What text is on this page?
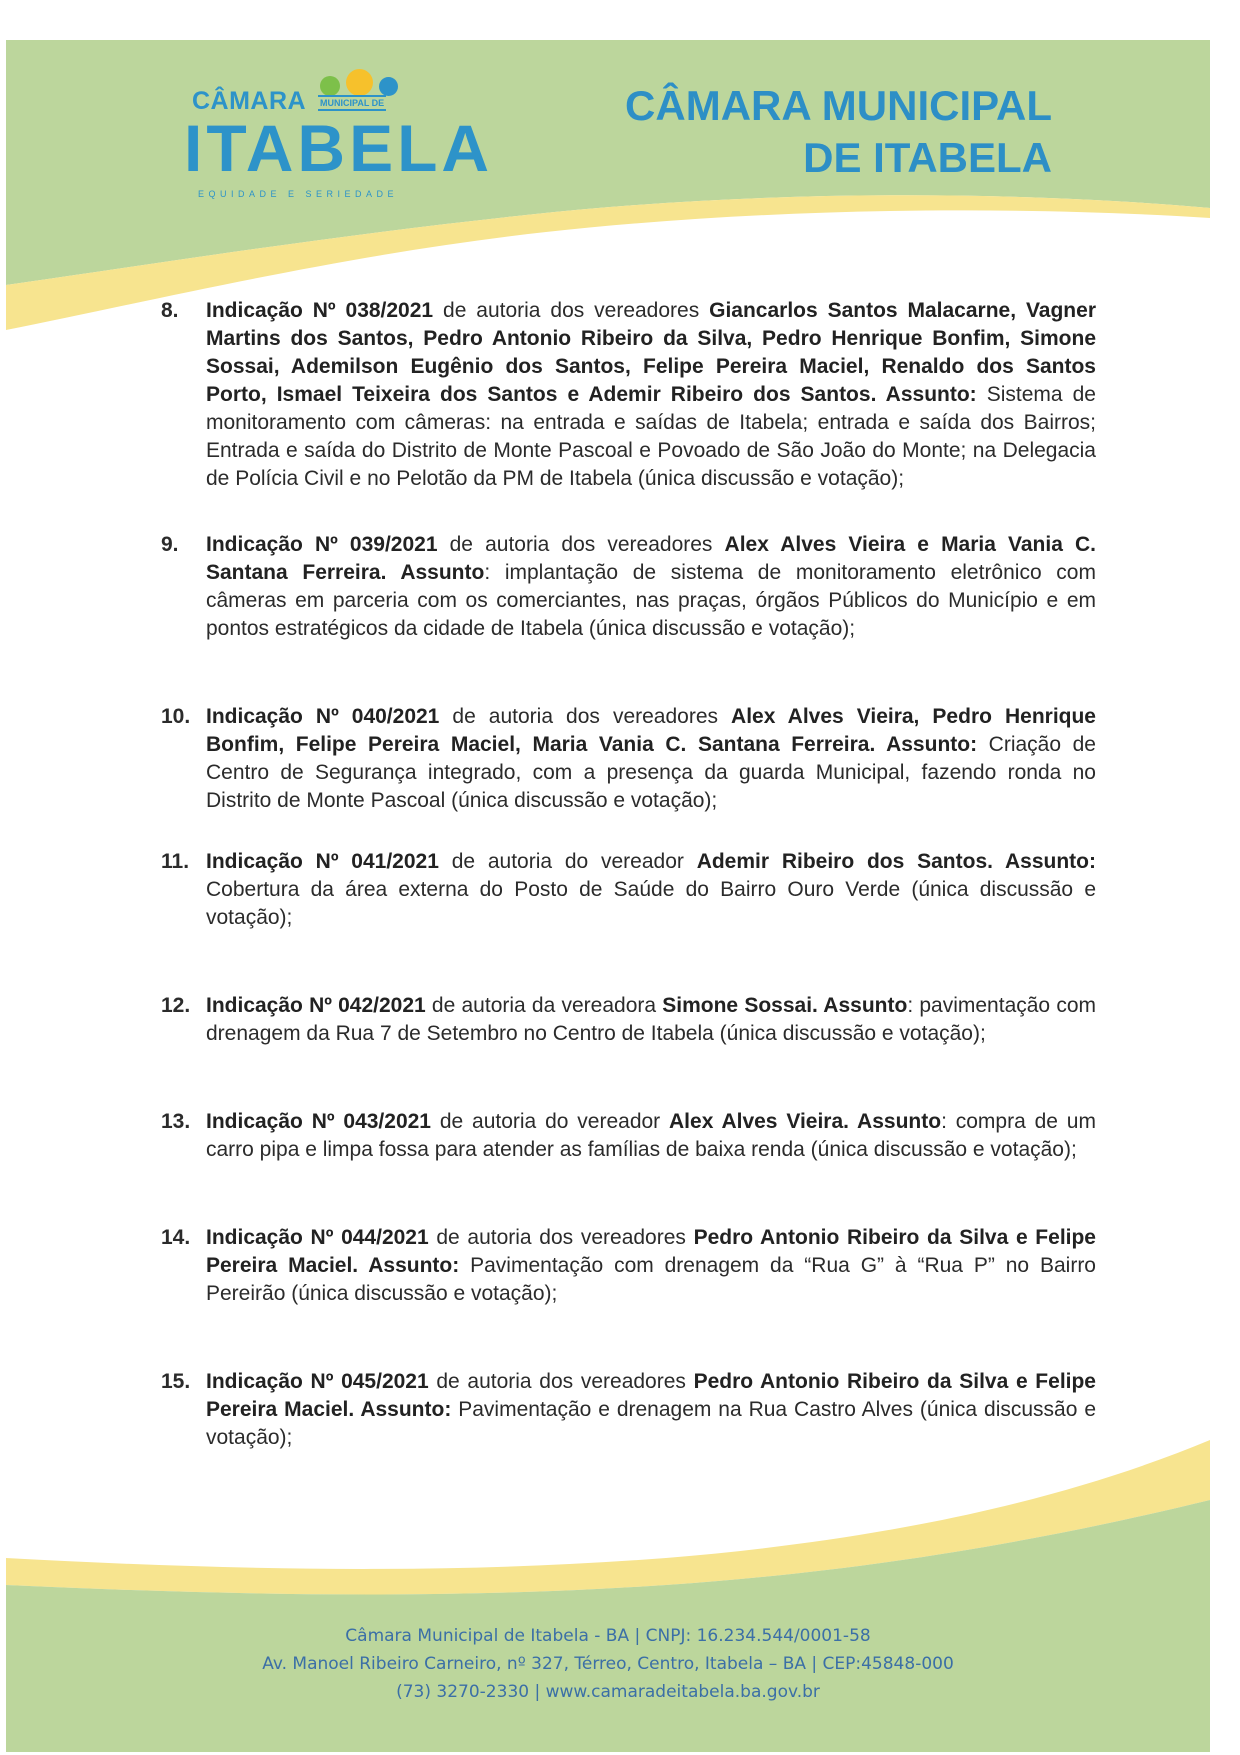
CÂMARA MUNICIPAL DE
ITABELA
EQUIDADE E SERIEDADE
CÂMARA MUNICIPAL
DE ITABELA
8. Indicação Nº 038/2021 de autoria dos vereadores Giancarlos Santos Malacarne, Vagner Martins dos Santos, Pedro Antonio Ribeiro da Silva, Pedro Henrique Bonfim, Simone Sossai, Ademilson Eugênio dos Santos, Felipe Pereira Maciel, Renaldo dos Santos Porto, Ismael Teixeira dos Santos e Ademir Ribeiro dos Santos. Assunto: Sistema de monitoramento com câmeras: na entrada e saídas de Itabela; entrada e saída dos Bairros; Entrada e saída do Distrito de Monte Pascoal e Povoado de São João do Monte; na Delegacia de Polícia Civil e no Pelotão da PM de Itabela (única discussão e votação);

9. Indicação Nº 039/2021 de autoria dos vereadores Alex Alves Vieira e Maria Vania C. Santana Ferreira. Assunto: implantação de sistema de monitoramento eletrônico com câmeras em parceria com os comerciantes, nas praças, órgãos Públicos do Município e em pontos estratégicos da cidade de Itabela (única discussão e votação);

10. Indicação Nº 040/2021 de autoria dos vereadores Alex Alves Vieira, Pedro Henrique Bonfim, Felipe Pereira Maciel, Maria Vania C. Santana Ferreira. Assunto: Criação de Centro de Segurança integrado, com a presença da guarda Municipal, fazendo ronda no Distrito de Monte Pascoal (única discussão e votação);

11. Indicação Nº 041/2021 de autoria do vereador Ademir Ribeiro dos Santos. Assunto: Cobertura da área externa do Posto de Saúde do Bairro Ouro Verde (única discussão e votação);

12. Indicação Nº 042/2021 de autoria da vereadora Simone Sossai. Assunto: pavimentação com drenagem da Rua 7 de Setembro no Centro de Itabela (única discussão e votação);

13. Indicação Nº 043/2021 de autoria do vereador Alex Alves Vieira. Assunto: compra de um carro pipa e limpa fossa para atender as famílias de baixa renda (única discussão e votação);

14. Indicação Nº 044/2021 de autoria dos vereadores Pedro Antonio Ribeiro da Silva e Felipe Pereira Maciel. Assunto: Pavimentação com drenagem da “Rua G” à “Rua P” no Bairro Pereirão (única discussão e votação);

15. Indicação Nº 045/2021 de autoria dos vereadores Pedro Antonio Ribeiro da Silva e Felipe Pereira Maciel. Assunto: Pavimentação e drenagem na Rua Castro Alves (única discussão e votação);

Câmara Municipal de Itabela - BA | CNPJ: 16.234.544/0001-58
Av. Manoel Ribeiro Carneiro, nº 327, Térreo, Centro, Itabela – BA | CEP:45848-000
(73) 3270-2330 | www.camaradeitabela.ba.gov.br
